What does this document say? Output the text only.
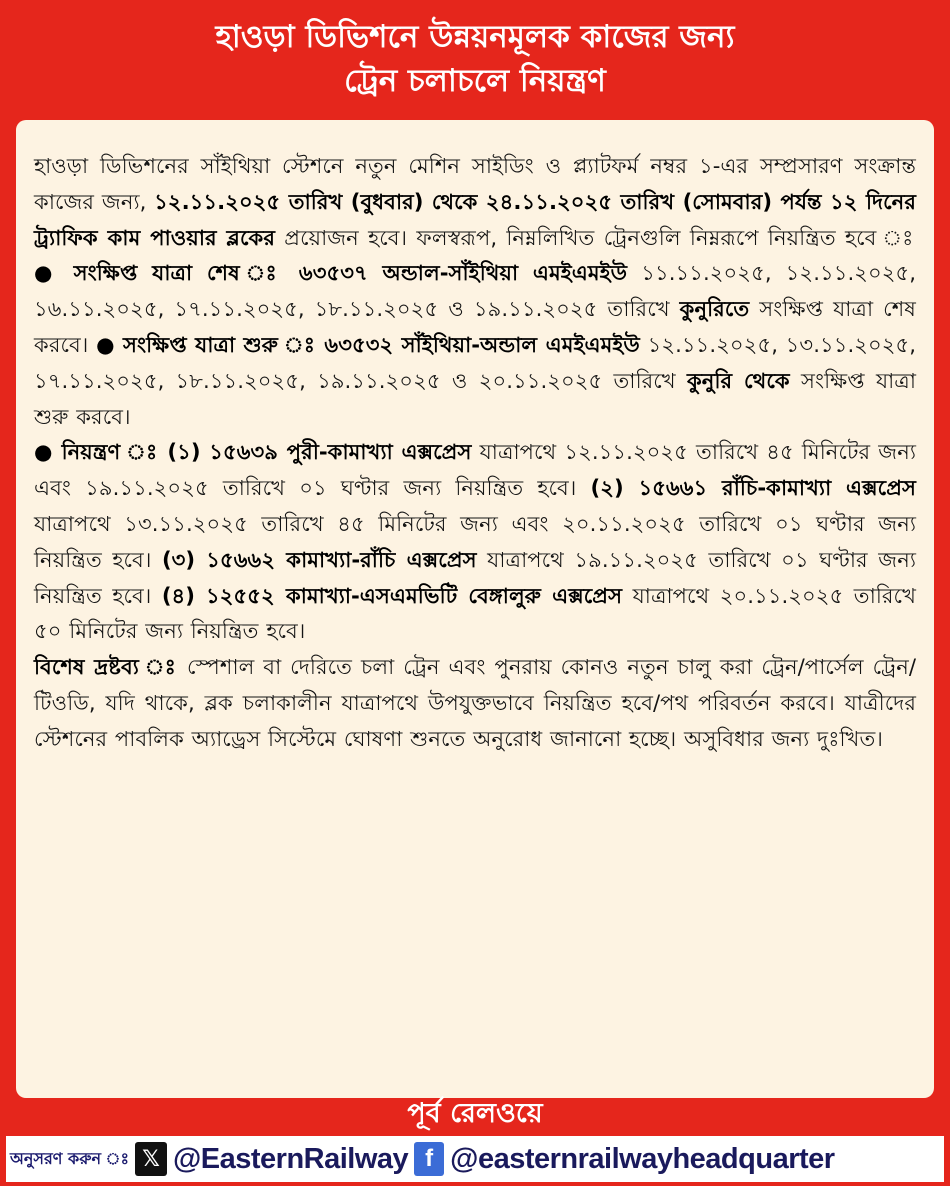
হাওড়া ডিভিশনে উন্নয়নমূলক কাজের জন্য
ট্রেন চলাচলে নিয়ন্ত্রণ
হাওড়া ডিভিশনের সাঁইথিয়া স্টেশনে নতুন মেশিন সাইডিং ও প্ল্যাটফর্ম নম্বর ১-এর সম্প্রসারণ সংক্রান্ত কাজের জন্য, ১২.১১.২০২৫ তারিখ (বুধবার) থেকে ২৪.১১.২০২৫ তারিখ (সোমবার) পর্যন্ত ১২ দিনের ট্র্যাফিক কাম পাওয়ার ব্লকের প্রয়োজন হবে। ফলস্বরূপ, নিম্নলিখিত ট্রেনগুলি নিম্নরূপে নিয়ন্ত্রিত হবে ঃ ● সংক্ষিপ্ত যাত্রা শেষ ঃ ৬৩৫৩৭ অন্ডাল-সাঁইথিয়া এমইএমইউ ১১.১১.২০২৫, ১২.১১.২০২৫, ১৬.১১.২০২৫, ১৭.১১.২০২৫, ১৮.১১.২০২৫ ও ১৯.১১.২০২৫ তারিখে কুনুরিতে সংক্ষিপ্ত যাত্রা শেষ করবে। ● সংক্ষিপ্ত যাত্রা শুরু ঃ ৬৩৫৩২ সাঁইথিয়া-অন্ডাল এমইএমইউ ১২.১১.২০২৫, ১৩.১১.২০২৫, ১৭.১১.২০২৫, ১৮.১১.২০২৫, ১৯.১১.২০২৫ ও ২০.১১.২০২৫ তারিখে কুনুরি থেকে সংক্ষিপ্ত যাত্রা শুরু করবে।
● নিয়ন্ত্রণ ঃ (১) ১৫৬৩৯ পুরী-কামাখ্যা এক্সপ্রেস যাত্রাপথে ১২.১১.২০২৫ তারিখে ৪৫ মিনিটের জন্য এবং ১৯.১১.২০২৫ তারিখে ০১ ঘণ্টার জন্য নিয়ন্ত্রিত হবে। (২) ১৫৬৬১ রাঁচি-কামাখ্যা এক্সপ্রেস যাত্রাপথে ১৩.১১.২০২৫ তারিখে ৪৫ মিনিটের জন্য এবং ২০.১১.২০২৫ তারিখে ০১ ঘণ্টার জন্য নিয়ন্ত্রিত হবে। (৩) ১৫৬৬২ কামাখ্যা-রাঁচি এক্সপ্রেস যাত্রাপথে ১৯.১১.২০২৫ তারিখে ০১ ঘণ্টার জন্য নিয়ন্ত্রিত হবে। (৪) ১২৫৫২ কামাখ্যা-এসএমভিটি বেঙ্গালুরু এক্সপ্রেস যাত্রাপথে ২০.১১.২০২৫ তারিখে ৫০ মিনিটের জন্য নিয়ন্ত্রিত হবে।
বিশেষ দ্রষ্টব্য ঃ স্পেশাল বা দেরিতে চলা ট্রেন এবং পুনরায় কোনও নতুন চালু করা ট্রেন/পার্সেল ট্রেন/টিওডি, যদি থাকে, ব্লক চলাকালীন যাত্রাপথে উপযুক্তভাবে নিয়ন্ত্রিত হবে/পথ পরিবর্তন করবে। যাত্রীদের স্টেশনের পাবলিক অ্যাড্রেস সিস্টেমে ঘোষণা শুনতে অনুরোধ জানানো হচ্ছে। অসুবিধার জন্য দুঃখিত।
পূর্ব রেলওয়ে
অনুসরণ করুন ঃ 𝕏 @EasternRailway f @easternrailwayheadquarter
